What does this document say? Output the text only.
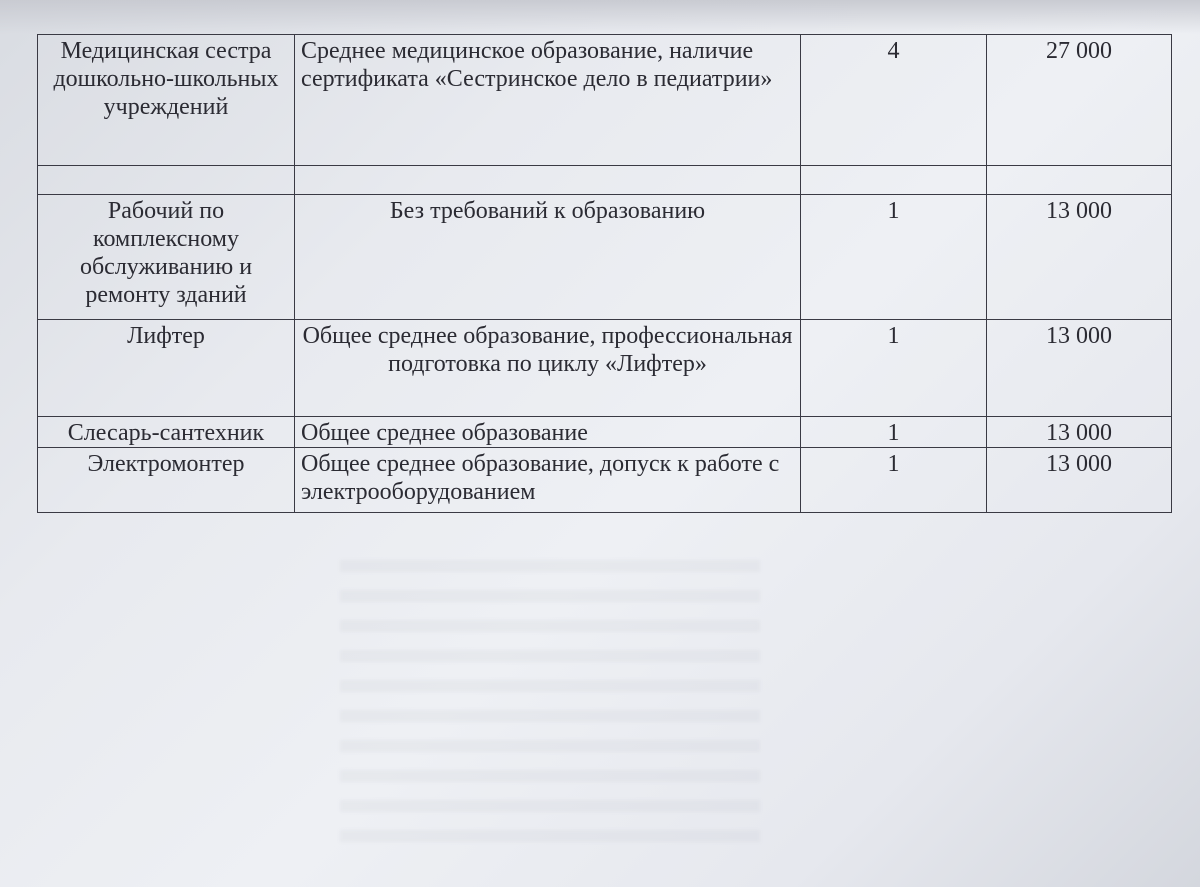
Медицинская сестра дошкольно-школьных учреждений	Среднее медицинское образование, наличие сертификата «Сестринское дело в педиатрии»	4	27 000

Рабочий по комплексному обслуживанию и ремонту зданий	Без требований к образованию	1	13 000
Лифтер	Общее среднее образование, профессиональная подготовка по циклу «Лифтер»	1	13 000
Слесарь-сантехник	Общее среднее образование	1	13 000
Электромонтер	Общее среднее образование, допуск к работе с электрооборудованием	1	13 000
